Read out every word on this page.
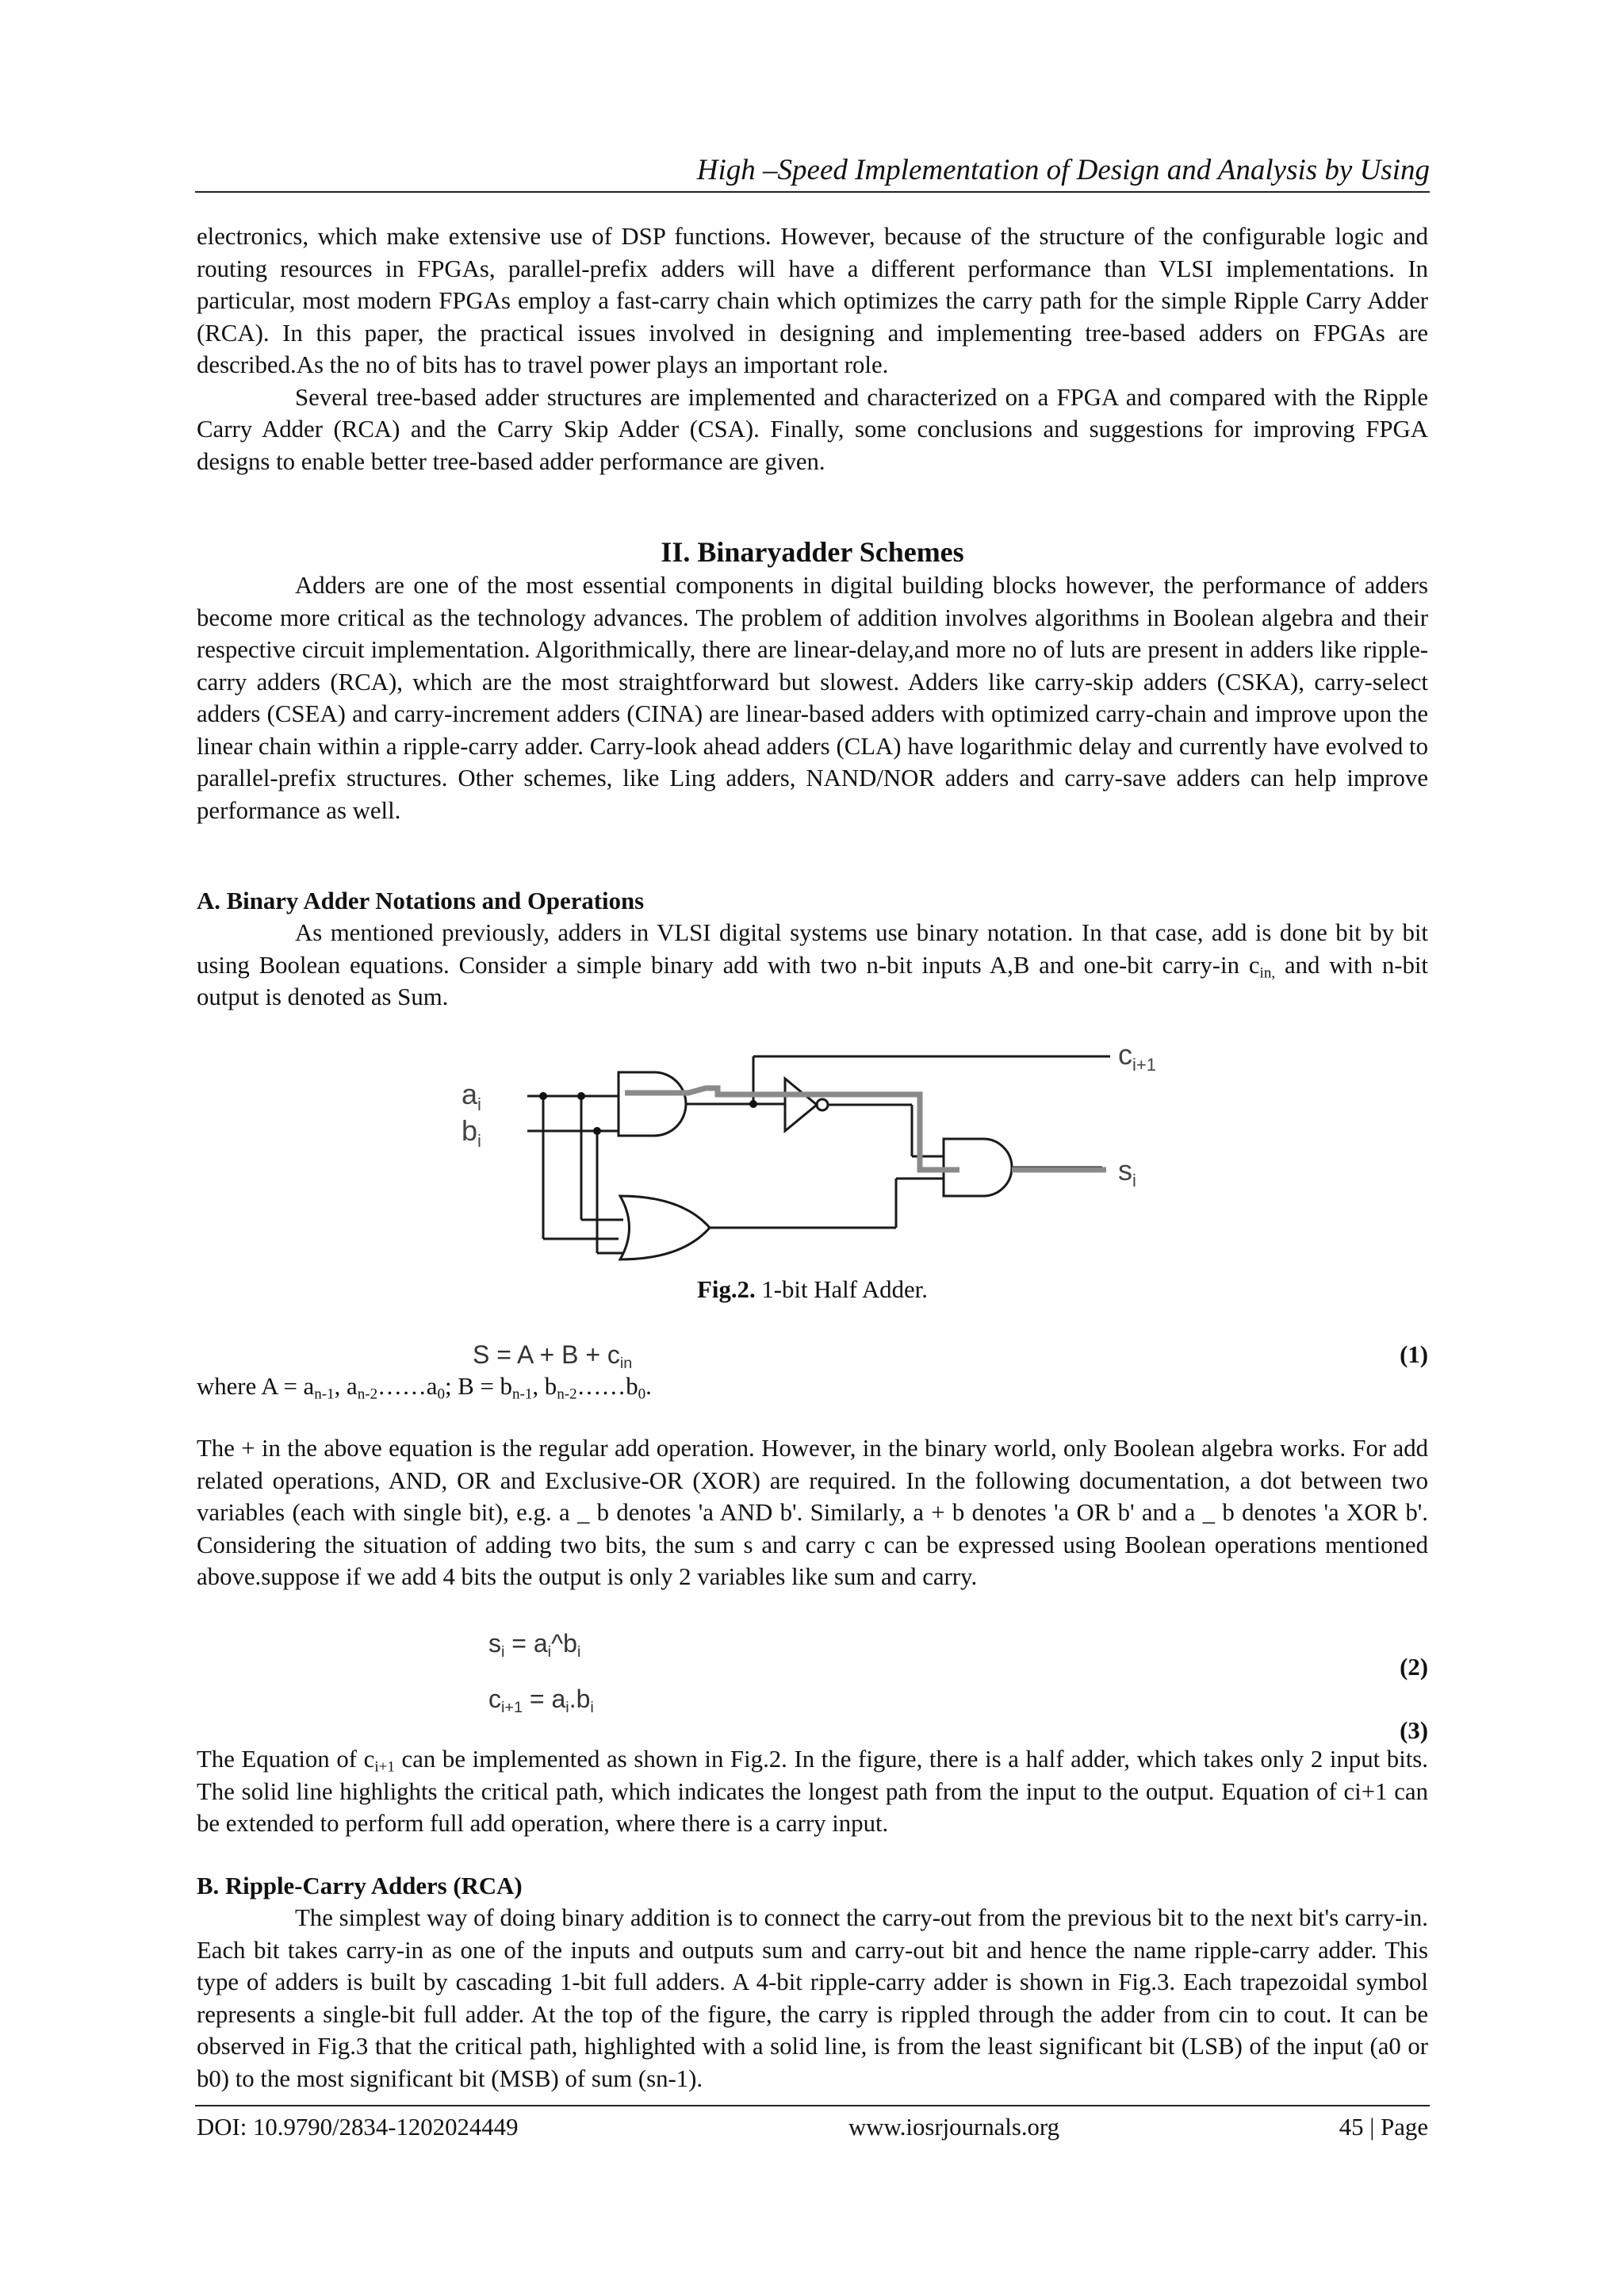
High –Speed Implementation of Design and Analysis by Using

electronics, which make extensive use of DSP functions. However, because of the structure of the configurable logic and routing resources in FPGAs, parallel-prefix adders will have a different performance than VLSI implementations. In particular, most modern FPGAs employ a fast-carry chain which optimizes the carry path for the simple Ripple Carry Adder (RCA). In this paper, the practical issues involved in designing and implementing tree-based adders on FPGAs are described.As the no of bits has to travel power plays an important role.

Several tree-based adder structures are implemented and characterized on a FPGA and compared with the Ripple Carry Adder (RCA) and the Carry Skip Adder (CSA). Finally, some conclusions and suggestions for improving FPGA designs to enable better tree-based adder performance are given.

II. Binaryadder Schemes

Adders are one of the most essential components in digital building blocks however, the performance of adders become more critical as the technology advances. The problem of addition involves algorithms in Boolean algebra and their respective circuit implementation. Algorithmically, there are linear-delay,and more no of luts are present in adders like ripple-carry adders (RCA), which are the most straightforward but slowest. Adders like carry-skip adders (CSKA), carry-select adders (CSEA) and carry-increment adders (CINA) are linear-based adders with optimized carry-chain and improve upon the linear chain within a ripple-carry adder. Carry-look ahead adders (CLA) have logarithmic delay and currently have evolved to parallel-prefix structures. Other schemes, like Ling adders, NAND/NOR adders and carry-save adders can help improve performance as well.

A. Binary Adder Notations and Operations

As mentioned previously, adders in VLSI digital systems use binary notation. In that case, add is done bit by bit using Boolean equations. Consider a simple binary add with two n-bit inputs A,B and one-bit carry-in $c_{in,}$ and with n-bit output is denoted as Sum.

$a_i$
$b_i$
$c_{i+1}$
$s_i$
Fig.2. 1-bit Half Adder.
$S = A + B + c_{in}$	(1)

where $A = a_{n-1}$, $a_{n-2}\dots\dots a_0$; $B = b_{n-1}$, $b_{n-2}\dots\dots b_0$.

The + in the above equation is the regular add operation. However, in the binary world, only Boolean algebra works. For add related operations, AND, OR and Exclusive-OR (XOR) are required. In the following documentation, a dot between two variables (each with single bit), e.g. a _ b denotes 'a AND b'. Similarly, a + b denotes 'a OR b' and a _ b denotes 'a XOR b'. Considering the situation of adding two bits, the sum s and carry c can be expressed using Boolean operations mentioned above.suppose if we add 4 bits the output is only 2 variables like sum and carry.

$s_i$ = $a_i\^{}b_i$
(2)
$c_{i+1} = a_i.b_i$
(3)

The Equation of $c_{i+1}$ can be implemented as shown in Fig.2. In the figure, there is a half adder, which takes only 2 input bits. The solid line highlights the critical path, which indicates the longest path from the input to the output. Equation of ci+1 can be extended to perform full add operation, where there is a carry input.

B. Ripple-Carry Adders (RCA)

The simplest way of doing binary addition is to connect the carry-out from the previous bit to the next bit's carry-in. Each bit takes carry-in as one of the inputs and outputs sum and carry-out bit and hence the name ripple-carry adder. This type of adders is built by cascading 1-bit full adders. A 4-bit ripple-carry adder is shown in Fig.3. Each trapezoidal symbol represents a single-bit full adder. At the top of the figure, the carry is rippled through the adder from cin to cout. It can be observed in Fig.3 that the critical path, highlighted with a solid line, is from the least significant bit (LSB) of the input (a0 or b0) to the most significant bit (MSB) of sum (sn-1).

DOI: 10.9790/2834-1202024449	www.iosrjournals.org	45 | Page
